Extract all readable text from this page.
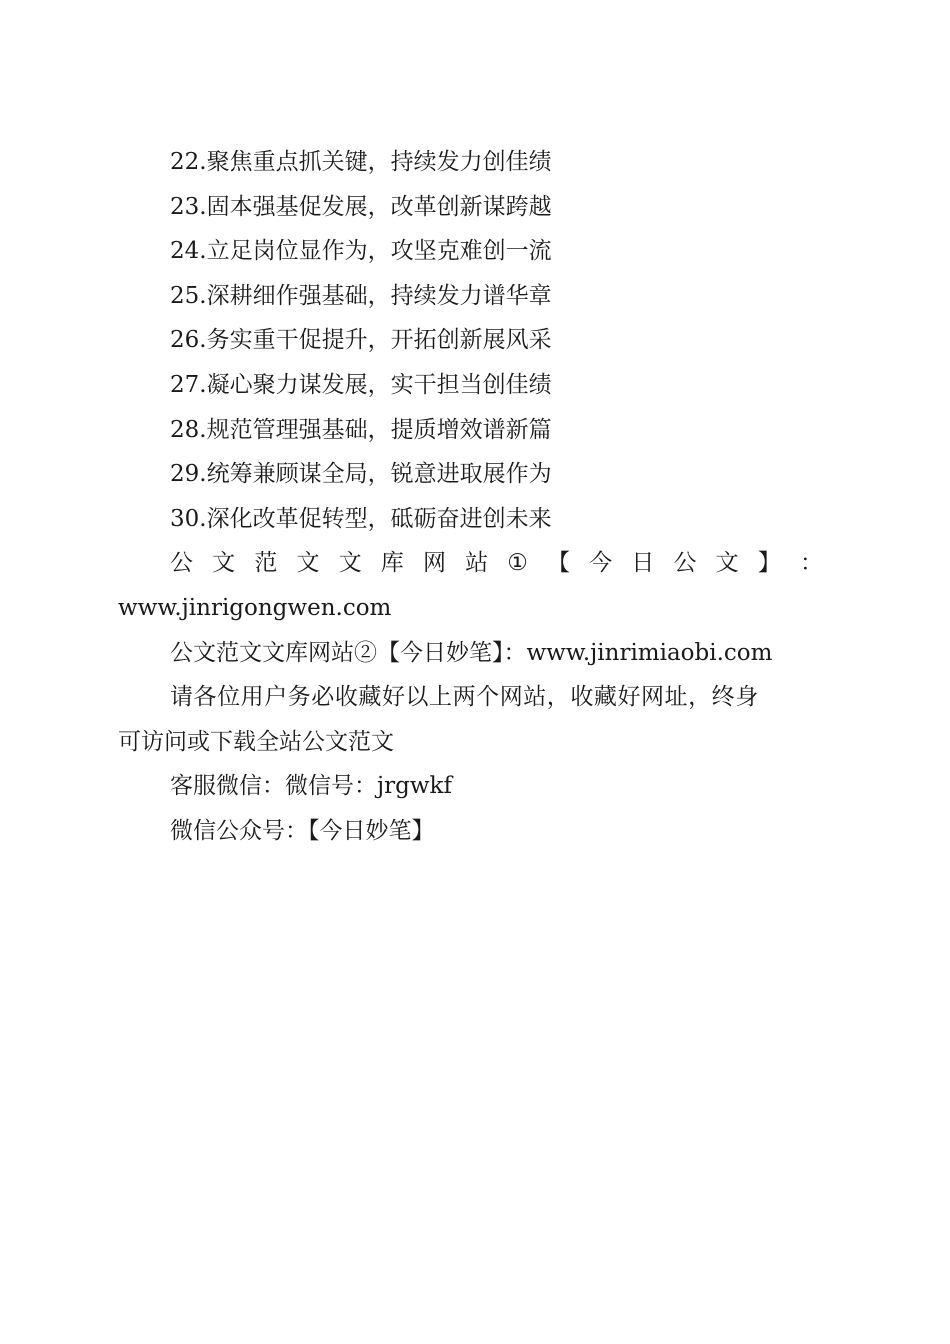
22.聚焦重点抓关键，持续发力创佳绩
23.固本强基促发展，改革创新谋跨越
24.立足岗位显作为，攻坚克难创一流
25.深耕细作强基础，持续发力谱华章
26.务实重干促提升，开拓创新展风采
27.凝心聚力谋发展，实干担当创佳绩
28.规范管理强基础，提质增效谱新篇
29.统筹兼顾谋全局，锐意进取展作为
30.深化改革促转型，砥砺奋进创未来
公 文 范 文 文 库 网 站 ① 【 今 日 公 文 】 ：
www.jinrigongwen.com
公文范文文库网站②【今日妙笔】：www.jinrimiaobi.com
请各位用户务必收藏好以上两个网站，收藏好网址，终身
可访问或下载全站公文范文
客服微信：微信号：jrgwkf
微信公众号：【今日妙笔】
